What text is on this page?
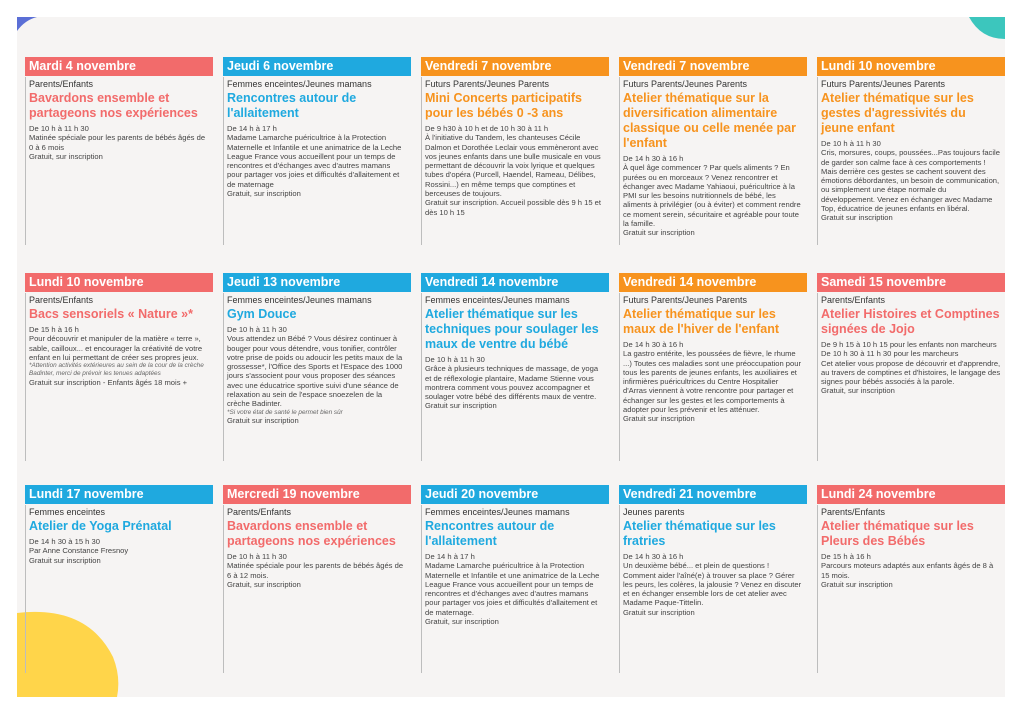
Mardi 4 novembre
Parents/Enfants
Bavardons ensemble et partageons nos expériences
De 10 h à 11 h 30
Matinée spéciale pour les parents de bébés âgés de 0 à 6 mois
Gratuit, sur inscription
Jeudi 6 novembre
Femmes enceintes/Jeunes mamans
Rencontres autour de l'allaitement
De 14 h à 17 h
Madame Lamarche puéricultrice à la Protection Maternelle et Infantile et une animatrice de la Leche League France vous accueillent pour un temps de rencontres et d'échanges avec d'autres mamans pour partager vos joies et difficultés d'allaitement et de maternage
Gratuit, sur inscription
Vendredi 7 novembre
Futurs Parents/Jeunes Parents
Mini Concerts participatifs pour les bébés 0 -3 ans
De 9 h30 à 10 h et de 10 h 30 à 11 h
À l'initiative du Tandem, les chanteuses Cécile Dalmon et Dorothée Leclair vous emmèneront avec vos jeunes enfants dans une bulle musicale en vous permettant de découvrir la voix lyrique et quelques tubes d'opéra (Purcell, Haendel, Rameau, Délibes, Rossini...) en même temps que comptines et berceuses de toujours.
Gratuit sur inscription. Accueil possible dès 9 h 15 et dès 10 h 15
Vendredi 7 novembre
Futurs Parents/Jeunes Parents
Atelier thématique sur la diversification alimentaire classique ou celle menée par l'enfant
De 14 h 30 à 16 h
À quel âge commencer ? Par quels aliments ? En purées ou en morceaux ? Venez rencontrer et échanger avec Madame Yahiaoui, puéricultrice à la PMI sur les besoins nutritionnels de bébé, les aliments à privilégier (ou à éviter) et comment rendre ce moment serein, sécuritaire et agréable pour toute la famille.
Gratuit sur inscription
Lundi 10 novembre
Futurs Parents/Jeunes Parents
Atelier thématique sur les gestes d'agressivités du jeune enfant
De 10 h à 11 h 30
Cris, morsures, coups, poussées...Pas toujours facile de garder son calme face à ces comportements ! Mais derrière ces gestes se cachent souvent des émotions débordantes, un besoin de communication, ou simplement une étape normale du développement. Venez en échanger avec Madame Top, éducatrice de jeunes enfants en libéral.
Gratuit sur inscription
Lundi 10 novembre
Parents/Enfants
Bacs sensoriels « Nature »*
De 15 h à 16 h
Pour découvrir et manipuler de la matière « terre », sable, cailloux... et encourager la créativité de votre enfant en lui permettant de créer ses propres jeux.
*Attention activités extérieures au sein de la cour de la crèche Badinter, merci de prévoir les tenues adaptées
Gratuit sur inscription - Enfants âgés 18 mois +
Jeudi 13 novembre
Femmes enceintes/Jeunes mamans
Gym Douce
De 10 h à 11 h 30
Vous attendez un Bébé ? Vous désirez continuer à bouger pour vous détendre, vous tonifier, contrôler votre prise de poids ou adoucir les petits maux de la grossesse*, l'Office des Sports et l'Espace des 1000 jours s'associent pour vous proposer des séances avec une éducatrice sportive suivi d'une séance de relaxation au sein de l'espace snoezelen de la crèche Badinter.
*Si votre état de santé le permet bien sûr
Gratuit sur inscription
Vendredi 14 novembre
Femmes enceintes/Jeunes mamans
Atelier thématique sur les techniques pour soulager les maux de ventre du bébé
De 10 h à 11 h 30
Grâce à plusieurs techniques de massage, de yoga et de réflexologie plantaire, Madame Stienne vous montrera comment vous pouvez accompagner et soulager votre bébé des différents maux de ventre.
Gratuit sur inscription
Vendredi 14 novembre
Futurs Parents/Jeunes Parents
Atelier thématique sur les maux de l'hiver de l'enfant
De 14 h 30 à 16 h
La gastro entérite, les poussées de fièvre, le rhume ...) Toutes ces maladies sont une préoccupation pour tous les parents de jeunes enfants, les auxiliaires et infirmières puéricultrices du Centre Hospitalier d'Arras viennent à votre rencontre pour partager et échanger sur les gestes et les comportements à adopter pour les prévenir et les atténuer.
Gratuit sur inscription
Samedi 15 novembre
Parents/Enfants
Atelier Histoires et Comptines signées de Jojo
De 9 h 15 à 10 h 15 pour les enfants non marcheurs
De 10 h 30 à 11 h 30 pour les marcheurs
Cet atelier vous propose de découvrir et d'apprendre, au travers de comptines et d'histoires, le langage des signes pour bébés associés à la parole.
Gratuit, sur inscription
Lundi 17 novembre
Femmes enceintes
Atelier de Yoga Prénatal
De 14 h 30 à 15 h 30
Par Anne Constance Fresnoy
Gratuit sur inscription
Mercredi 19 novembre
Parents/Enfants
Bavardons ensemble et partageons nos expériences
De 10 h à 11 h 30
Matinée spéciale pour les parents de bébés âgés de 6 à 12 mois.
Gratuit, sur inscription
Jeudi 20 novembre
Femmes enceintes/Jeunes mamans
Rencontres autour de l'allaitement
De 14 h à 17 h
Madame Lamarche puéricultrice à la Protection Maternelle et Infantile et une animatrice de la Leche League France vous accueillent pour un temps de rencontres et d'échanges avec d'autres mamans pour partager vos joies et difficultés d'allaitement et de maternage.
Gratuit, sur inscription
Vendredi 21 novembre
Jeunes parents
Atelier thématique sur les fratries
De 14 h 30 à 16 h
Un deuxième bébé... et plein de questions ! Comment aider l'aîné(e) à trouver sa place ? Gérer les peurs, les colères, la jalousie ? Venez en discuter et en échanger ensemble lors de cet atelier avec Madame Paque-Tittelin.
Gratuit sur inscription
Lundi 24 novembre
Parents/Enfants
Atelier thématique sur les Pleurs des Bébés
De 15 h à 16 h
Parcours moteurs adaptés aux enfants âgés de 8 à 15 mois.
Gratuit sur inscription
